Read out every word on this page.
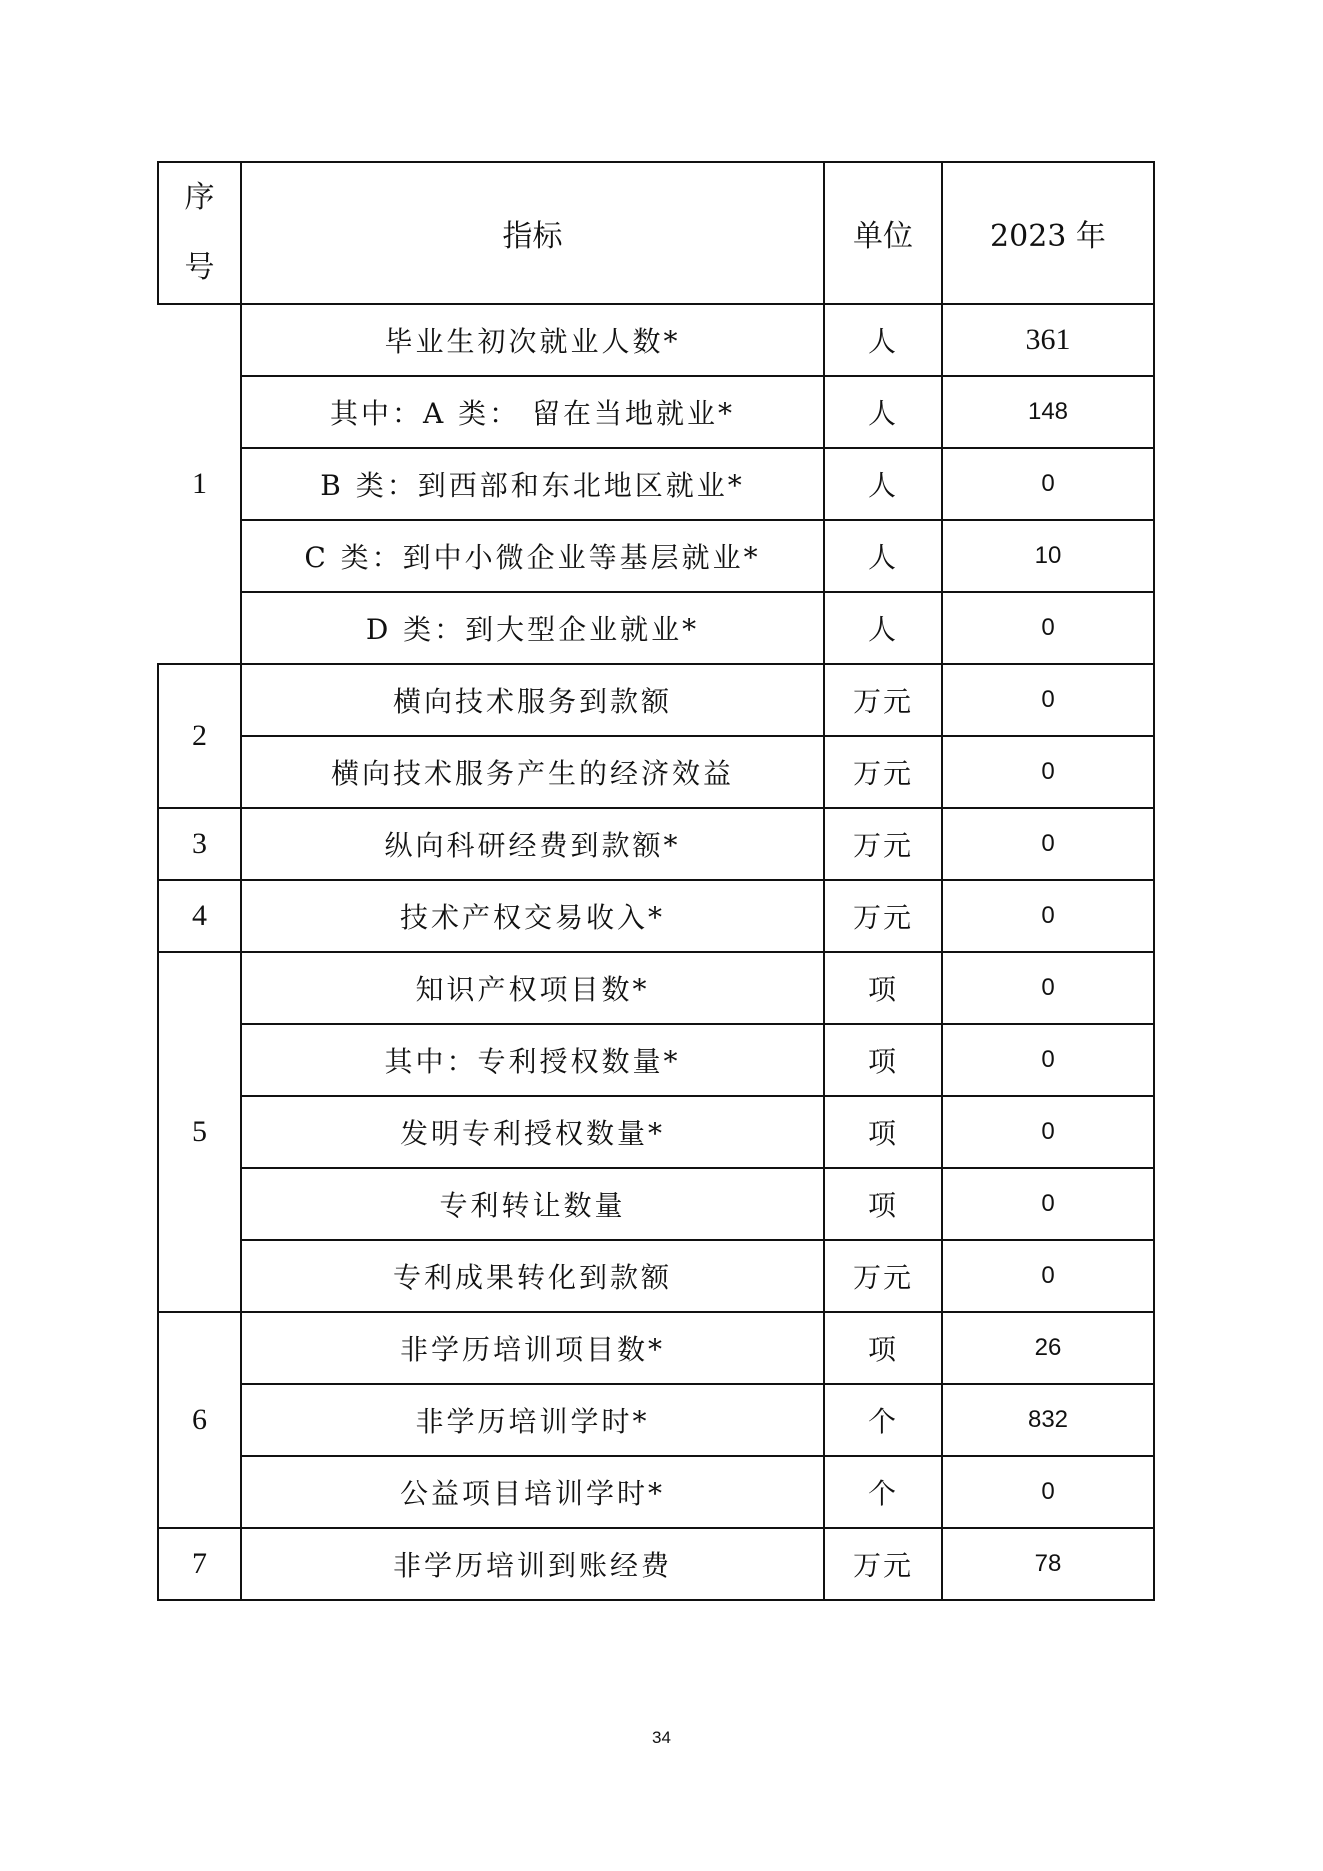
序
号	指标	单位	2023 年
1	毕业生初次就业人数*	人	361
	其中：A 类： 留在当地就业*	人	148
	B 类：到西部和东北地区就业*	人	0
	C 类：到中小微企业等基层就业*	人	10
	D 类：到大型企业就业*	人	0
2	横向技术服务到款额	万元	0
	横向技术服务产生的经济效益	万元	0
3	纵向科研经费到款额*	万元	0
4	技术产权交易收入*	万元	0
5	知识产权项目数*	项	0
	其中：专利授权数量*	项	0
	发明专利授权数量*	项	0
	专利转让数量	项	0
	专利成果转化到款额	万元	0
6	非学历培训项目数*	项	26
	非学历培训学时*	个	832
	公益项目培训学时*	个	0
7	非学历培训到账经费	万元	78
34
